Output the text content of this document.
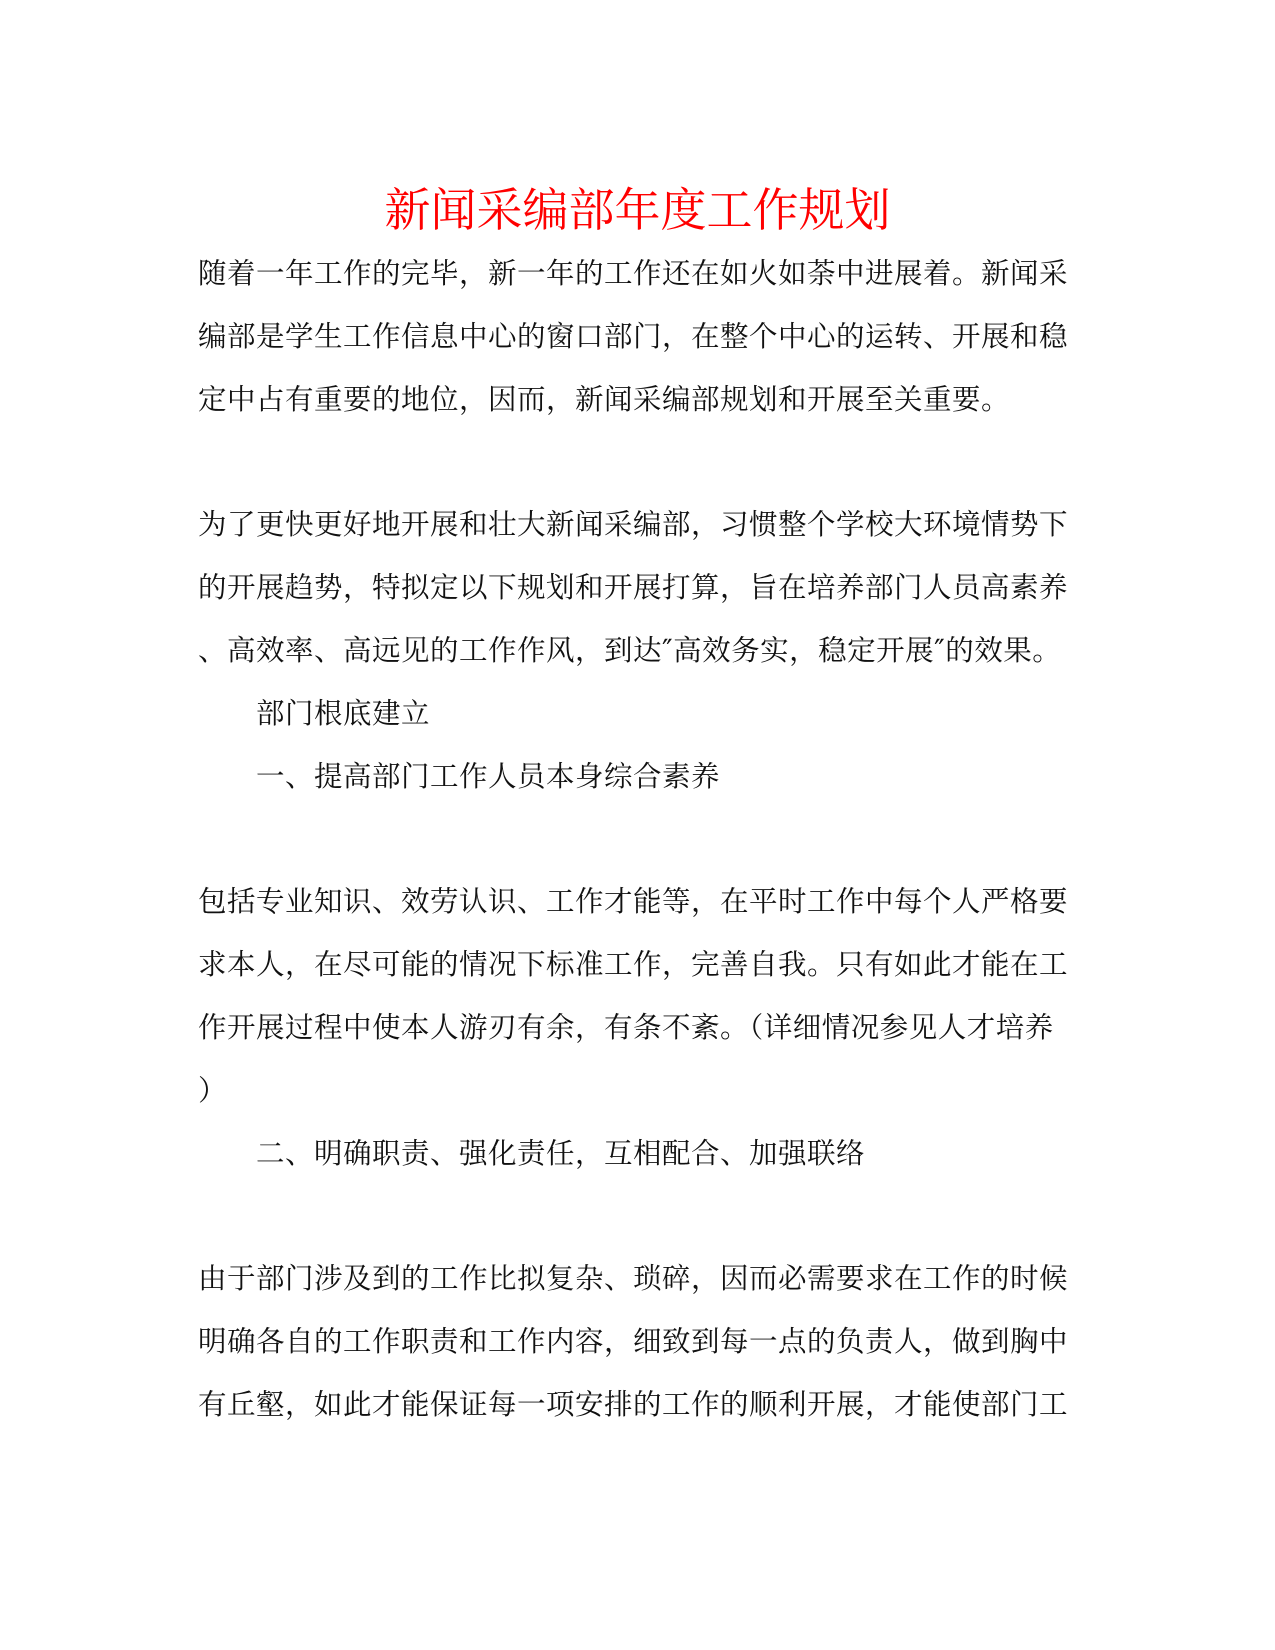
新闻采编部年度工作规划
随着一年工作的完毕，新一年的工作还在如火如荼中进展着。新闻采
编部是学生工作信息中心的窗口部门，在整个中心的运转、开展和稳
定中占有重要的地位，因而，新闻采编部规划和开展至关重要。
为了更快更好地开展和壮大新闻采编部，习惯整个学校大环境情势下
的开展趋势，特拟定以下规划和开展打算，旨在培养部门人员高素养
、高效率、高远见的工作作风，到达″高效务实，稳定开展″的效果。
部门根底建立
一、提高部门工作人员本身综合素养
包括专业知识、效劳认识、工作才能等，在平时工作中每个人严格要
求本人，在尽可能的情况下标准工作，完善自我。只有如此才能在工
作开展过程中使本人游刃有余，有条不紊。（详细情况参见人才培养
）
二、明确职责、强化责任，互相配合、加强联络
由于部门涉及到的工作比拟复杂、琐碎，因而必需要求在工作的时候
明确各自的工作职责和工作内容，细致到每一点的负责人，做到胸中
有丘壑，如此才能保证每一项安排的工作的顺利开展，才能使部门工
